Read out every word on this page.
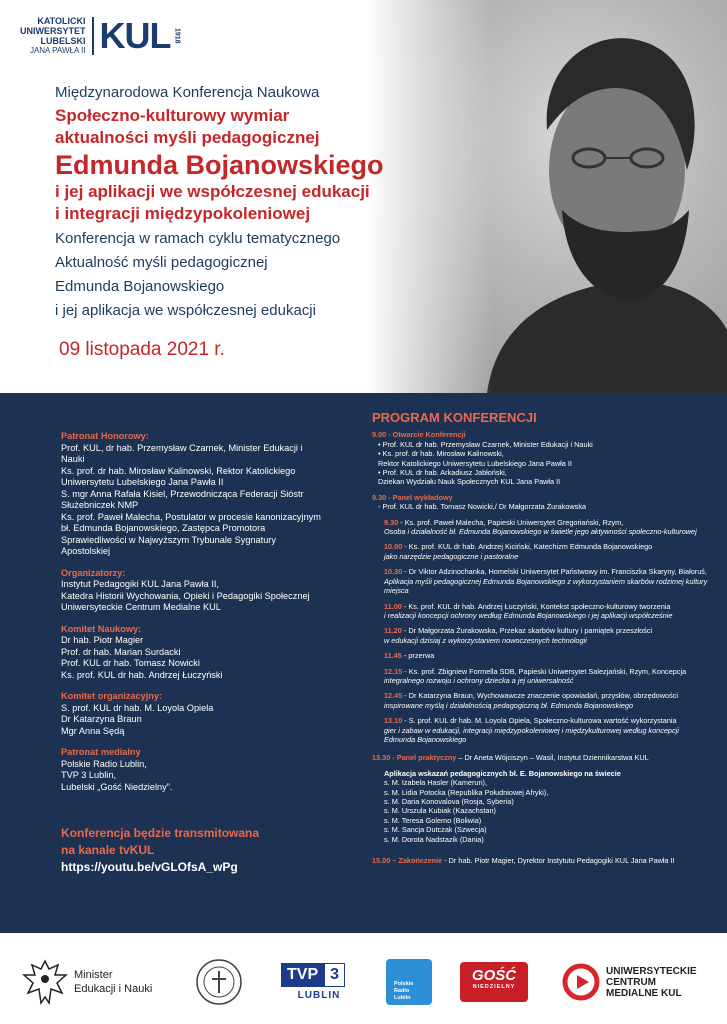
KATOLICKI
UNIWERSYTET
LUBELSKI
JANA PAWŁA II KUL 1918

Międzynarodowa Konferencja Naukowa

Społeczno-kulturowy wymiar

aktualności myśli pedagogicznej

Edmunda Bojanowskiego

i jej aplikacji we współczesnej edukacji

i integracji międzypokoleniowej

Konferencja w ramach cyklu tematycznego

Aktualność myśli pedagogicznej

Edmunda Bojanowskiego

i jej aplikacja we współczesnej edukacji

09 listopada 2021 r.

Patronat Honorowy:
Prof. KUL, dr hab. Przemysław Czarnek, Minister Edukacji i
Nauki
Ks. prof. dr hab. Mirosław Kalinowski, Rektor Katolickiego
Uniwersytetu Lubelskiego Jana Pawła II
S. mgr Anna Rafała Kisiel, Przewodnicząca Federacji Sióstr
Służebniczek NMP
Ks. prof. Paweł Malecha, Postulator w procesie kanonizacyjnym
bł. Edmunda Bojanowskiego, Zastępca Promotora
Sprawiedliwości w Najwyższym Trybunale Sygnatury
Apostolskiej
Organizatorzy:
Instytut Pedagogiki KUL Jana Pawła II,
Katedra Historii Wychowania, Opieki i Pedagogiki Społecznej
Uniwersyteckie Centrum Medialne KUL
Komitet Naukowy:
Dr hab. Piotr Magier
Prof. dr hab. Marian Surdacki
Prof. KUL dr hab. Tomasz Nowicki
Ks. prof. KUL dr hab. Andrzej Łuczyński
Komitet organizacyjny:
S. prof. KUL dr hab. M. Loyola Opiela
Dr Katarzyna Braun
Mgr Anna Sędą
Patronat medialny
Polskie Radio Lublin,
TVP 3 Lublin,
Lubelski „Gość Niedzielny”.
Konferencja będzie transmitowana
na kanale tvKUL
https://youtu.be/vGLOfsA_wPg
PROGRAM KONFERENCJI
9.00 - Otwarcie Konferencji
• Prof. KUL dr hab. Przemysław Czarnek, Minister Edukacji i Nauki
• Ks. prof. dr hab. Mirosław Kalinowski,
Rektor Katolickiego Uniwersytetu Lubelskiego Jana Pawła II
• Prof. KUL dr hab. Arkadiusz Jabłoński,
Dziekan Wydziału Nauk Społecznych KUL Jana Pawła II
9.30 - Panel wykładowy
- Prof. KUL dr hab. Tomasz Nowicki,/ Dr Małgorzata Żurakowska
9.30 - Ks. prof. Paweł Malecha, Papieski Uniwersytet Gregoriański, Rzym,
Osoba i działalność bł. Edmunda Bojanowskiego w świetle jego aktywności społeczno-kulturowej
10.00 - Ks. prof. KUL dr hab. Andrzej Kiciński, Katechizm Edmunda Bojanowskiego
jako narzędzie pedagogiczne i pastoralne
10.30 - Dr Viktor Adzinochanka, Homelski Uniwersytet Państwowy im. Franciszka Skaryny, Białoruś,
Aplikacja myśli pedagogicznej Edmunda Bojanowskiego z wykorzystaniem skarbów rodzimej kultury miejsca
11.00 - Ks. prof. KUL dr hab. Andrzej Łuczyński, Kontekst społeczno-kulturowy tworzenia
i realizacji koncepcji ochrony według Edmunda Bojanowskiego i jej aplikacji współcześnie
11.20 - Dr Małgorzata Żurakowska, Przekaz skarbów kultury i pamiątek przeszłości
w edukacji dzisiaj z wykorzystaniem nowoczesnych technologii
11.45 - przerwa
12.15 - Ks. prof. Zbigniew Formella SDB, Papieski Uniwersytet Salezjański, Rzym, Koncepcja
integralnego rozwoju i ochrony dziecka a jej uniwersalność
12.45 - Dr Katarzyna Braun, Wychowawcze znaczenie opowiadań, przysłów, obrzędowości
inspirowane myślą i działalnością pedagogiczną bł. Edmunda Bojanowskiego
13.10 - S. prof. KUL dr hab. M. Loyola Opiela, Społeczno-kulturowa wartość wykorzystania
gier i zabaw w edukacji, integracji międzypokoleniowej i międzykulturowej według koncepcji Edmunda Bojanowskiego
13.30 - Panel praktyczny – Dr Aneta Wójciszyn – Wasil, Instytut Dziennikarstwa KUL
Aplikacja wskazań pedagogicznych bł. E. Bojanowskiego na świecie
s. M. Izabela Hasler (Kamerun),
s. M. Lidia Potocka (Republika Południowej Afryki),
s. M. Daria Konovalova (Rosja, Syberia)
s. M. Urszula Kubiak (Kazachstan)
s. M. Teresa Golemo (Boliwia)
s. M. Sancja Dutczak (Szwecja)
s. M. Dorota Nadstazik (Dania)
15.00 – Zakończenie - Dr hab. Piotr Magier, Dyrektor Instytutu Pedagogiki KUL Jana Pawła II
Minister
Edukacji i Nauki
TVP 3
LUBLIN
Polskie
Radio
Lublin
GOŚĆ
NIEDZIELNY
UNIWERSYTECKIE
CENTRUM
MEDIALNE KUL
